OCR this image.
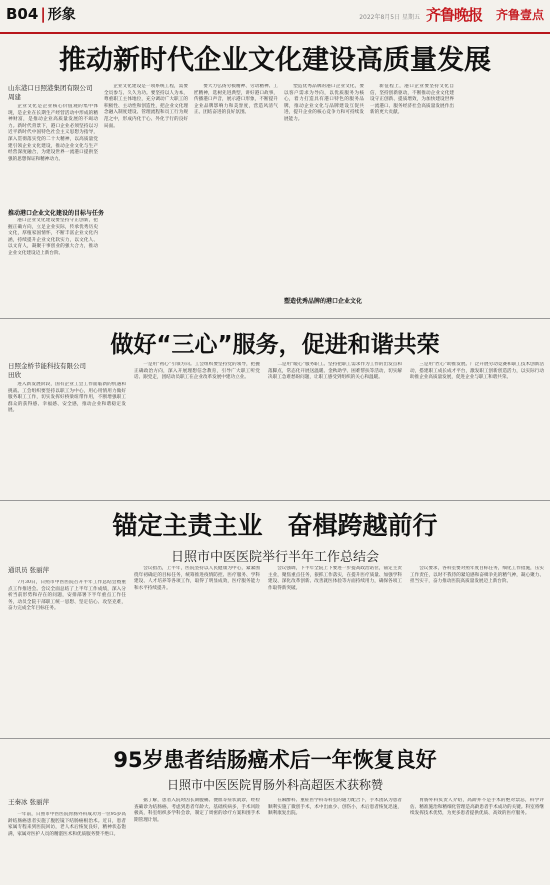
B04 | 形象	2022年8月5日 星期五 齐鲁晚报 齐鲁壹点
推动新时代企业文化建设高质量发展
山东港口日照港集团有限公司
周建

企业文化是企业核心价值观的集中体现，是企业在长期生产经营活动中形成的精神财富，是推动企业高质量发展的不竭动力。新时代背景下，港口企业必须坚持以习近平新时代中国特色社会主义思想为指导，深入贯彻落实党的二十大精神，以高质量党建引领企业文化建设，推动企业文化与生产经营深度融合，为建设世界一流港口提供坚强的思想保证和精神动力。

推动港口企业文化建设的目标与任务

港口企业文化建设要坚持守正创新，把握正确方向，立足企业实际，传承优秀历史文化，厚植家国情怀，不断丰富企业文化内涵，持续提升企业文化软实力，以文化人、以文育人，凝聚干事创业的强大合力，推动企业文化建设迈上新台阶。

企业文化建设是一项系统工程，需要全员参与、久久为功。要坚持以人为本，尊重职工主体地位，充分调动广大职工的积极性、主动性和创造性，把企业文化理念融入制度建设、管理流程和员工行为规范之中，形成内化于心、外化于行的良好局面。

要大力弘扬劳模精神、劳动精神、工匠精神，选树先进典型，讲好港口故事，传播港口声音，展示港口形象，不断提升企业品牌影响力和美誉度，营造风清气正、团结奋进的良好氛围。

塑造优秀品牌的港口企业文化，要以客户需求为导向，以优质服务为核心，着力打造具有港口特色的服务品牌，推动企业文化与品牌建设互促共进，提升企业的核心竞争力和可持续发展能力。

塑造优秀品牌的港口企业文化

新征程上，港口企业要坚持文化自信，坚持创新驱动，不断推动企业文化建设守正创新、提质增效，为加快建设世界一流港口、服务经济社会高质量发展作出新的更大贡献。

做好“三心”服务，促进和谐共荣
日照金桥节能科技有限公司
田欣

进入新发展阶段，国有企业工会工作面临新的机遇和挑战。工会组织要坚持以职工为中心，用心用情用力做好服务职工工作，切实发挥好桥梁纽带作用，不断增强职工群众的获得感、幸福感、安全感，推动企业和谐稳定发展。

一是用“初心”引领方向。工会组织要坚持党的领导，把握正确政治方向，深入开展理想信念教育，引导广大职工听党话、跟党走，团结动员职工在企业改革发展中建功立业。

二是用“暖心”服务职工。坚持把职工需求作为工作的出发点和落脚点，常态化开展送温暖、金秋助学、困难帮扶等活动，切实解决职工急难愁盼问题，让职工感受到组织的关心和温暖。

三是用“匠心”助推发展。广泛开展劳动竞赛和职工技术创新活动，搭建职工成长成才平台，激发职工创新创造活力，以实际行动助推企业高质量发展，促进企业与职工和谐共荣。

锚定主责主业　奋楫跨越前行
日照市中医医院举行半年工作总结会
通讯员 张丽萍

7月30日，日照市中医医院召开半年工作总结会暨重点工作推进会。会议全面总结了上半年工作成绩，深入分析当前形势和存在的问题，安排部署下半年重点工作任务，动员全院干部职工统一思想、坚定信心、攻坚克难，奋力完成全年目标任务。

会议指出，上半年，医院坚持以人民健康为中心，紧紧围绕年初确定的目标任务，统筹推进疫情防控、医疗服务、学科建设、人才培养等各项工作，取得了明显成效，医疗服务能力和水平持续提升。

会议强调，下半年全院上下要进一步提高政治站位，锚定主责主业，聚焦重点任务，狠抓工作落实，在提升医疗质量、加强学科建设、深化改革创新、改善就医体验等方面持续用力，确保各项工作取得新突破。

会议要求，各科室要对照年度目标任务，细化工作措施，压实工作责任，以时不我待的紧迫感和奋楫争先的精气神，凝心聚力、担当实干，奋力推动医院高质量发展迈上新台阶。

95岁患者结肠癌术后一年恢复良好
日照市中医医院胃肠外科高超医术获称赞
王秦冰 张丽萍

一年前，日照市中医医院胃肠外科成功为一位95岁高龄结肠癌患者实施了腹腔镜下结肠癌根治术。近日，患者家属专程来到医院回访，老人术后恢复良好，精神状态饱满，家属对医护人员的精湛医术和优质服务赞不绝口。

据了解，患者入院时因长期腹痛、便血等症状就诊，经检查确诊为结肠癌。考虑到患者年龄大、基础疾病多，手术风险极高，科室组织多学科会诊，制定了周密的诊疗方案和围手术期管理计划。

在麻醉科、重症医学科等科室的通力配合下，手术团队为患者顺利实施了微创手术，术中出血少、创伤小，术后患者恢复迅速，顺利康复出院。

胃肠外科负责人介绍，高龄并不是手术的绝对禁忌，科学评估、精准施治和精细化管理是高龄患者手术成功的关键。科室将继续发挥技术优势，为更多患者提供优质、高效的医疗服务。
